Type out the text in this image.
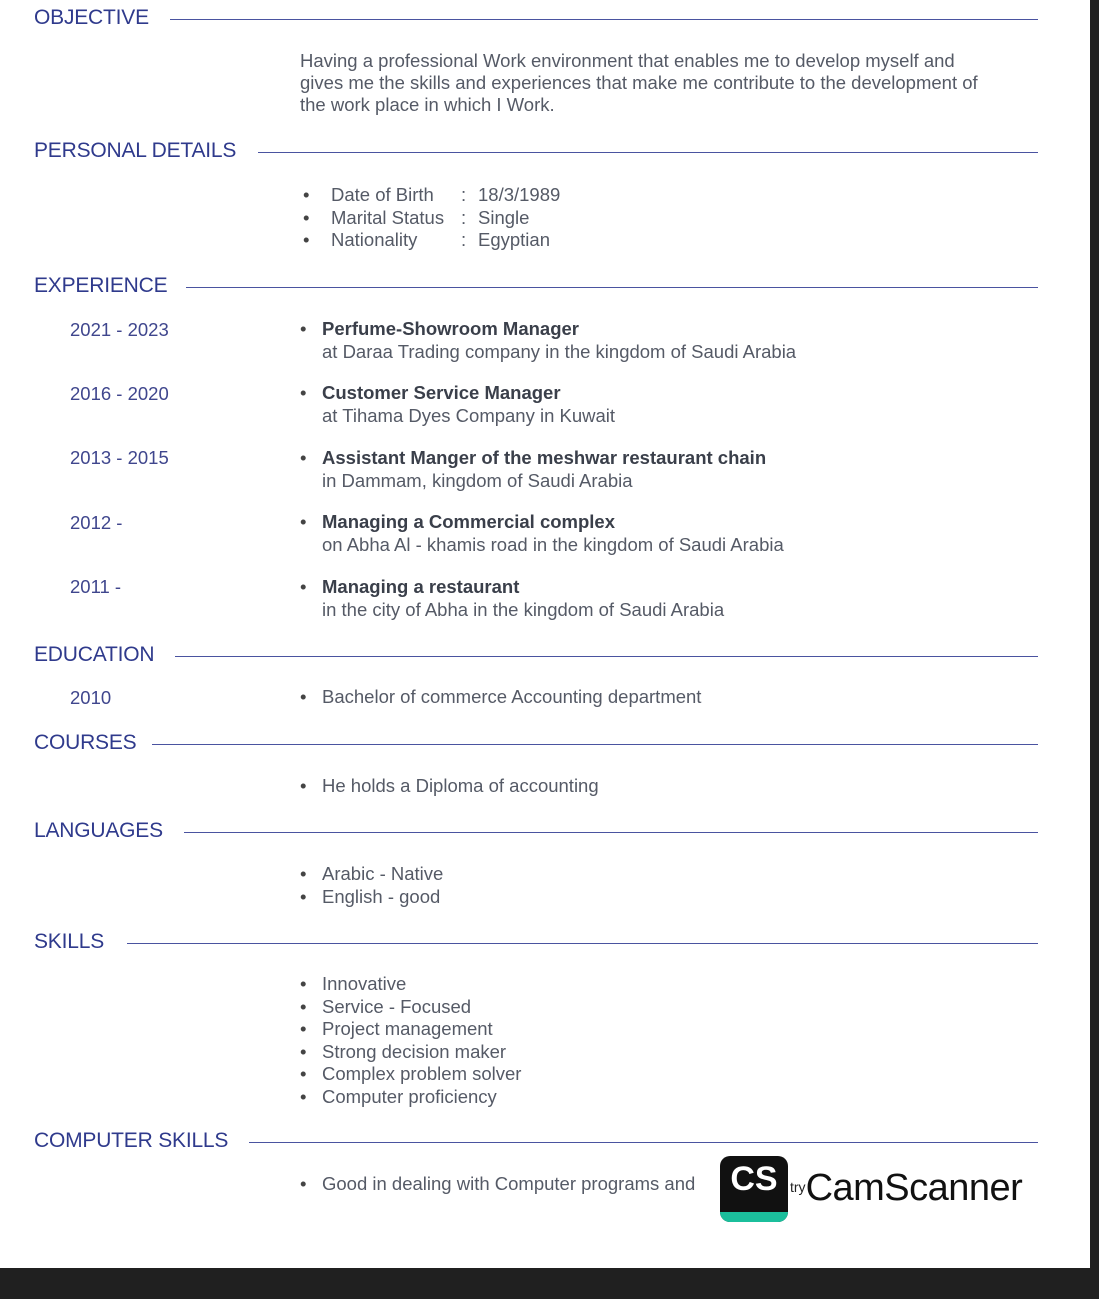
OBJECTIVE
Having a professional Work environment that enables me to develop myself and
gives me the skills and experiences that make me contribute to the development of
the work place in which I Work.
PERSONAL DETAILS
• Date of Birth	: 18/3/1989
• Marital Status : Single
• Nationality	: Egyptian
EXPERIENCE
2021 - 2023	• Perfume-Showroom Manager
at Daraa Trading company in the kingdom of Saudi Arabia
2016 - 2020	• Customer Service Manager
at Tihama Dyes Company in Kuwait
2013 - 2015	• Assistant Manger of the meshwar restaurant chain
in Dammam, kingdom of Saudi Arabia
2012 -	• Managing a Commercial complex
on Abha Al - khamis road in the kingdom of Saudi Arabia
2011 -	• Managing a restaurant
in the city of Abha in the kingdom of Saudi Arabia
EDUCATION
2010	• Bachelor of commerce Accounting department
COURSES
• He holds a Diploma of accounting
LANGUAGES
• Arabic - Native
• English - good
SKILLS
• Innovative
• Service - Focused
• Project management
• Strong decision maker
• Complex problem solver
• Computer proficiency
COMPUTER SKILLS
• Good in dealing with Computer programs and CS try CamScanner
